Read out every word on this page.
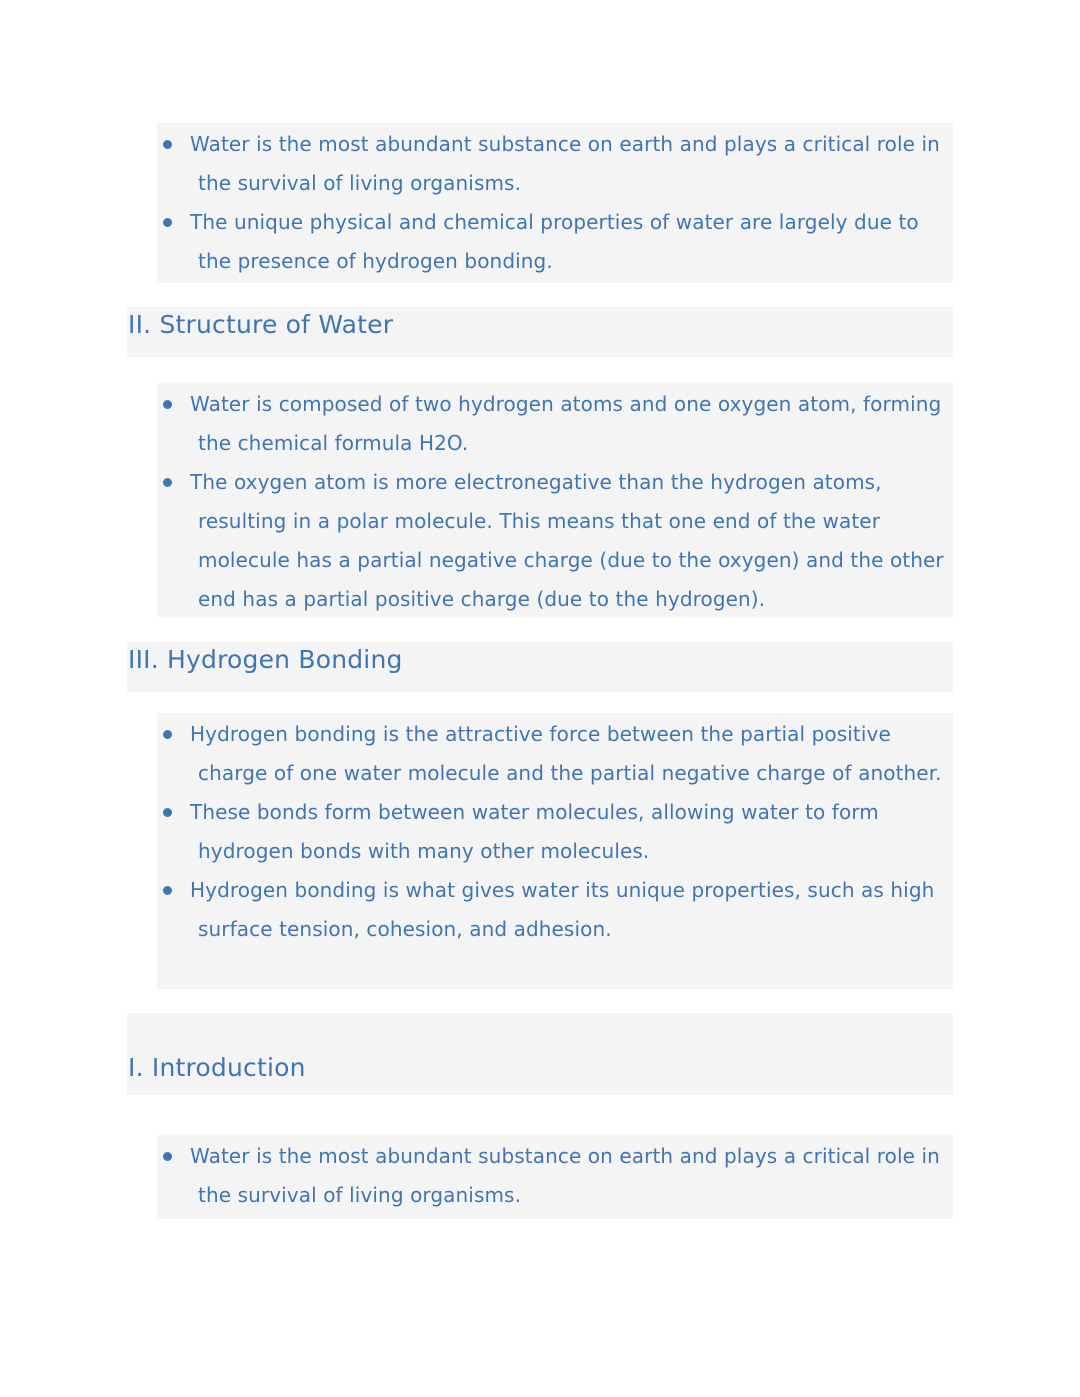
Water is the most abundant substance on earth and plays a critical role in the survival of living organisms.
The unique physical and chemical properties of water are largely due to the presence of hydrogen bonding.
II. Structure of Water
Water is composed of two hydrogen atoms and one oxygen atom, forming the chemical formula H2O.
The oxygen atom is more electronegative than the hydrogen atoms, resulting in a polar molecule. This means that one end of the water molecule has a partial negative charge (due to the oxygen) and the other end has a partial positive charge (due to the hydrogen).
III. Hydrogen Bonding
Hydrogen bonding is the attractive force between the partial positive charge of one water molecule and the partial negative charge of another.
These bonds form between water molecules, allowing water to form hydrogen bonds with many other molecules.
Hydrogen bonding is what gives water its unique properties, such as high surface tension, cohesion, and adhesion.
I. Introduction
Water is the most abundant substance on earth and plays a critical role in the survival of living organisms.
